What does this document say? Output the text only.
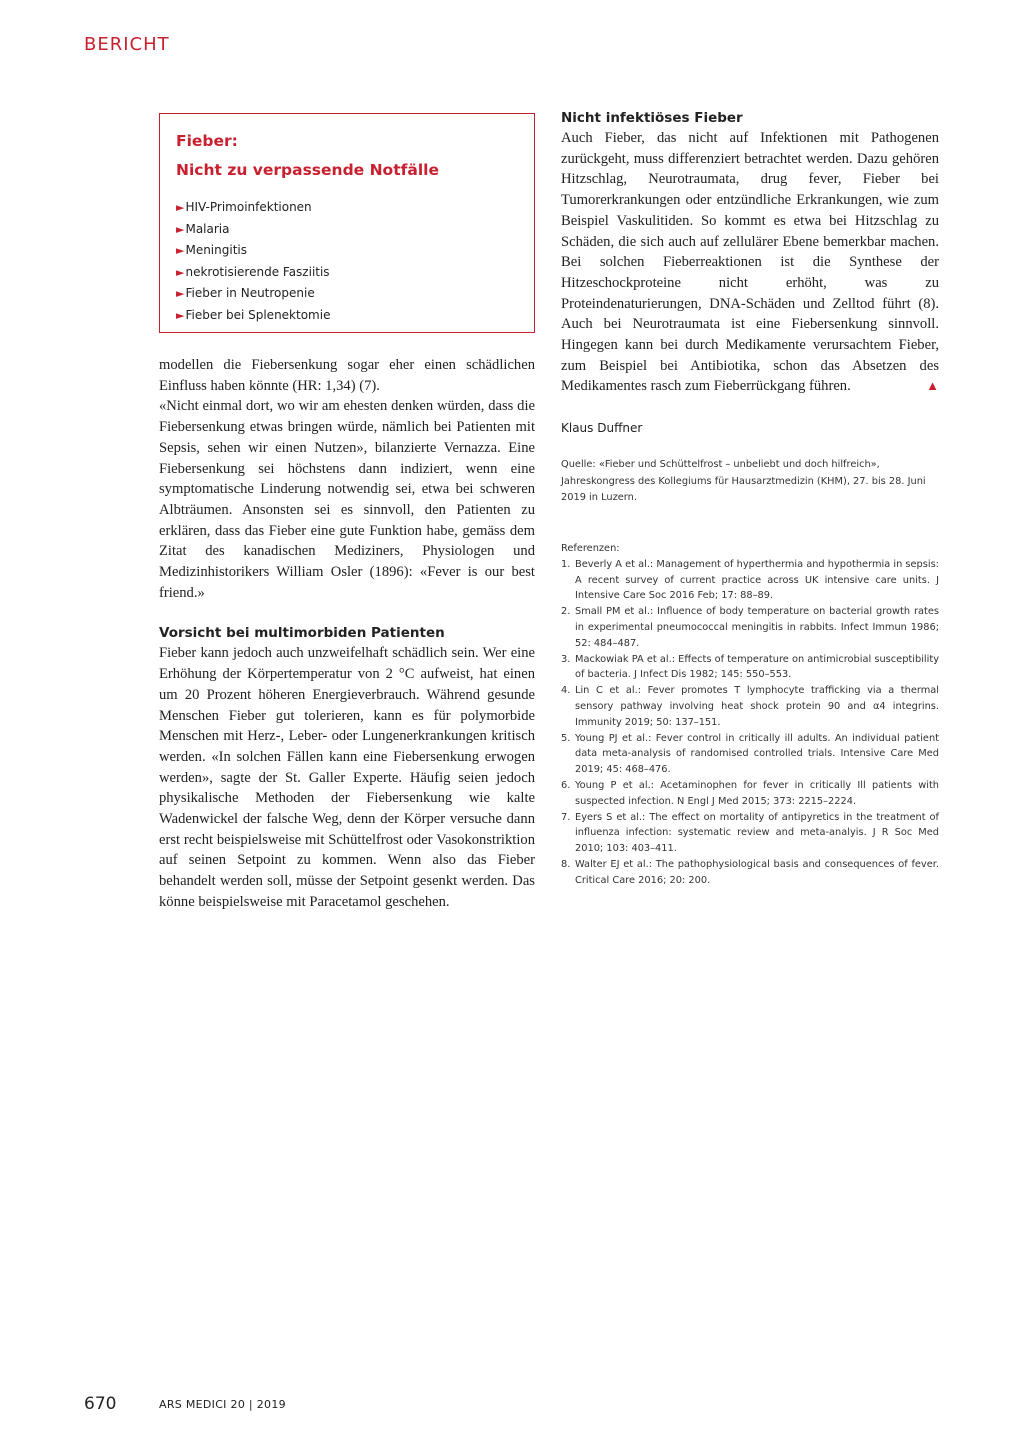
BERICHT
Fieber:
Nicht zu verpassende Notfälle
►HIV-Primoinfektionen
►Malaria
►Meningitis
►nekrotisierende Fasziitis
►Fieber in Neutropenie
►Fieber bei Splenektomie

modellen die Fiebersenkung sogar eher einen schädlichen Einfluss haben könnte (HR: 1,34) (7).

«Nicht einmal dort, wo wir am ehesten denken würden, dass die Fiebersenkung etwas bringen würde, nämlich bei Patienten mit Sepsis, sehen wir einen Nutzen», bilanzierte Vernazza. Eine Fiebersenkung sei höchstens dann indiziert, wenn eine symptomatische Linderung notwendig sei, etwa bei schweren Albträumen. Ansonsten sei es sinnvoll, den Patienten zu erklären, dass das Fieber eine gute Funktion habe, gemäss dem Zitat des kanadischen Mediziners, Physiologen und Medizinhistorikers William Osler (1896): «Fever is our best friend.»

Vorsicht bei multimorbiden Patienten

Fieber kann jedoch auch unzweifelhaft schädlich sein. Wer eine Erhöhung der Körpertemperatur von 2 °C aufweist, hat einen um 20 Prozent höheren Energieverbrauch. Während gesunde Menschen Fieber gut tolerieren, kann es für polymorbide Menschen mit Herz-, Leber- oder Lungenerkrankungen kritisch werden. «In solchen Fällen kann eine Fiebersenkung erwogen werden», sagte der St. Galler Experte. Häufig seien jedoch physikalische Methoden der Fiebersenkung wie kalte Wadenwickel der falsche Weg, denn der Körper versuche dann erst recht beispielsweise mit Schüttelfrost oder Vasokonstriktion auf seinen Setpoint zu kommen. Wenn also das Fieber behandelt werden soll, müsse der Setpoint gesenkt werden. Das könne beispielsweise mit Paracetamol geschehen.

Nicht infektiöses Fieber

Auch Fieber, das nicht auf Infektionen mit Pathogenen zurückgeht, muss differenziert betrachtet werden. Dazu gehören Hitzschlag, Neurotraumata, drug fever, Fieber bei Tumorerkrankungen oder entzündliche Erkrankungen, wie zum Beispiel Vaskulitiden. So kommt es etwa bei Hitzschlag zu Schäden, die sich auch auf zellulärer Ebene bemerkbar machen. Bei solchen Fieberreaktionen ist die Synthese der Hitzeschockproteine nicht erhöht, was zu Proteindenaturierungen, DNA-Schäden und Zelltod führt (8). Auch bei Neurotraumata ist eine Fiebersenkung sinnvoll. Hingegen kann bei durch Medikamente verursachtem Fieber, zum Beispiel bei Antibiotika, schon das Absetzen des Medikamentes rasch zum Fieberrückgang führen.	▲

Klaus Duffner

Quelle: «Fieber und Schüttelfrost – unbeliebt und doch hilfreich», Jahreskongress des Kollegiums für Hausarztmedizin (KHM), 27. bis 28. Juni 2019 in Luzern.

Referenzen:
1. Beverly A et al.: Management of hyperthermia and hypothermia in sepsis: A recent survey of current practice across UK intensive care units. J Intensive Care Soc 2016 Feb; 17: 88–89.
2. Small PM et al.: Influence of body temperature on bacterial growth rates in experimental pneumococcal meningitis in rabbits. Infect Immun 1986; 52: 484–487.
3. Mackowiak PA et al.: Effects of temperature on antimicrobial susceptibility of bacteria. J Infect Dis 1982; 145: 550–553.
4. Lin C et al.: Fever promotes T lymphocyte trafficking via a thermal sensory pathway involving heat shock protein 90 and α4 integrins. Immunity 2019; 50: 137–151.
5. Young PJ et al.: Fever control in critically ill adults. An individual patient data meta-analysis of randomised controlled trials. Intensive Care Med 2019; 45: 468–476.
6. Young P et al.: Acetaminophen for fever in critically Ill patients with suspected infection. N Engl J Med 2015; 373: 2215–2224.
7. Eyers S et al.: The effect on mortality of antipyretics in the treatment of influenza infection: systematic review and meta-analyis. J R Soc Med 2010; 103: 403–411.
8. Walter EJ et al.: The pathophysiological basis and consequences of fever. Critical Care 2016; 20: 200.
670	ARS MEDICI 20 | 2019
